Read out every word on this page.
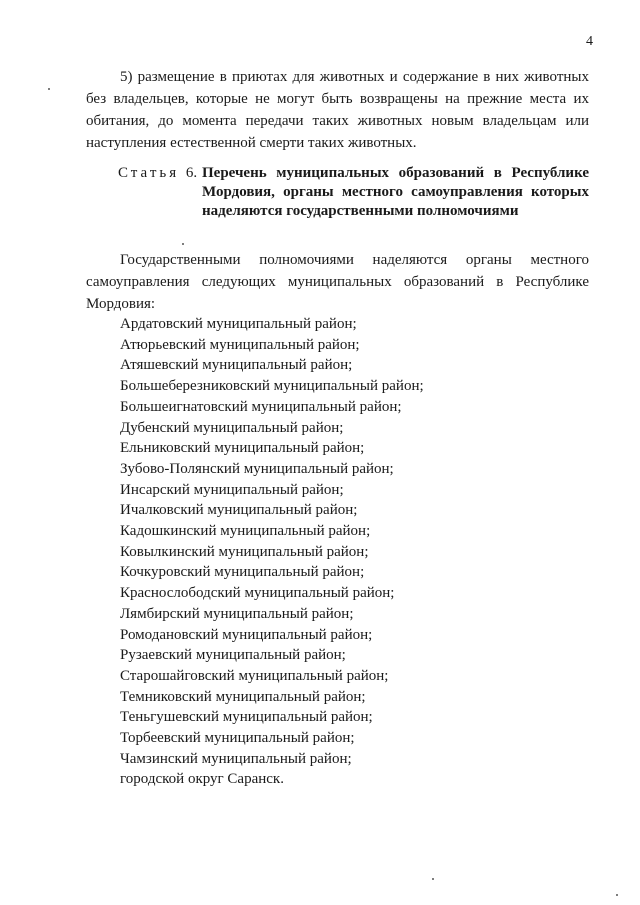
4

5) размещение в приютах для животных и содержание в них животных без владельцев, которые не могут быть возвращены на прежние места их обитания, до момента передачи таких животных новым владельцам или наступления естественной смерти таких животных.

Статья 6. Перечень муниципальных образований в Республике Мордовия, органы местного самоуправления которых наделяются государственными полномочиями

Государственными полномочиями наделяются органы местного самоуправления следующих муниципальных образований в Республике Мордовия:

Ардатовский муниципальный район;
Атюрьевский муниципальный район;
Атяшевский муниципальный район;
Большеберезниковский муниципальный район;
Большеигнатовский муниципальный район;
Дубенский муниципальный район;
Ельниковский муниципальный район;
Зубово-Полянский муниципальный район;
Инсарский муниципальный район;
Ичалковский муниципальный район;
Кадошкинский муниципальный район;
Ковылкинский муниципальный район;
Кочкуровский муниципальный район;
Краснослободский муниципальный район;
Лямбирский муниципальный район;
Ромодановский муниципальный район;
Рузаевский муниципальный район;
Старошайговский муниципальный район;
Темниковский муниципальный район;
Теньгушевский муниципальный район;
Торбеевский муниципальный район;
Чамзинский муниципальный район;
городской округ Саранск.
